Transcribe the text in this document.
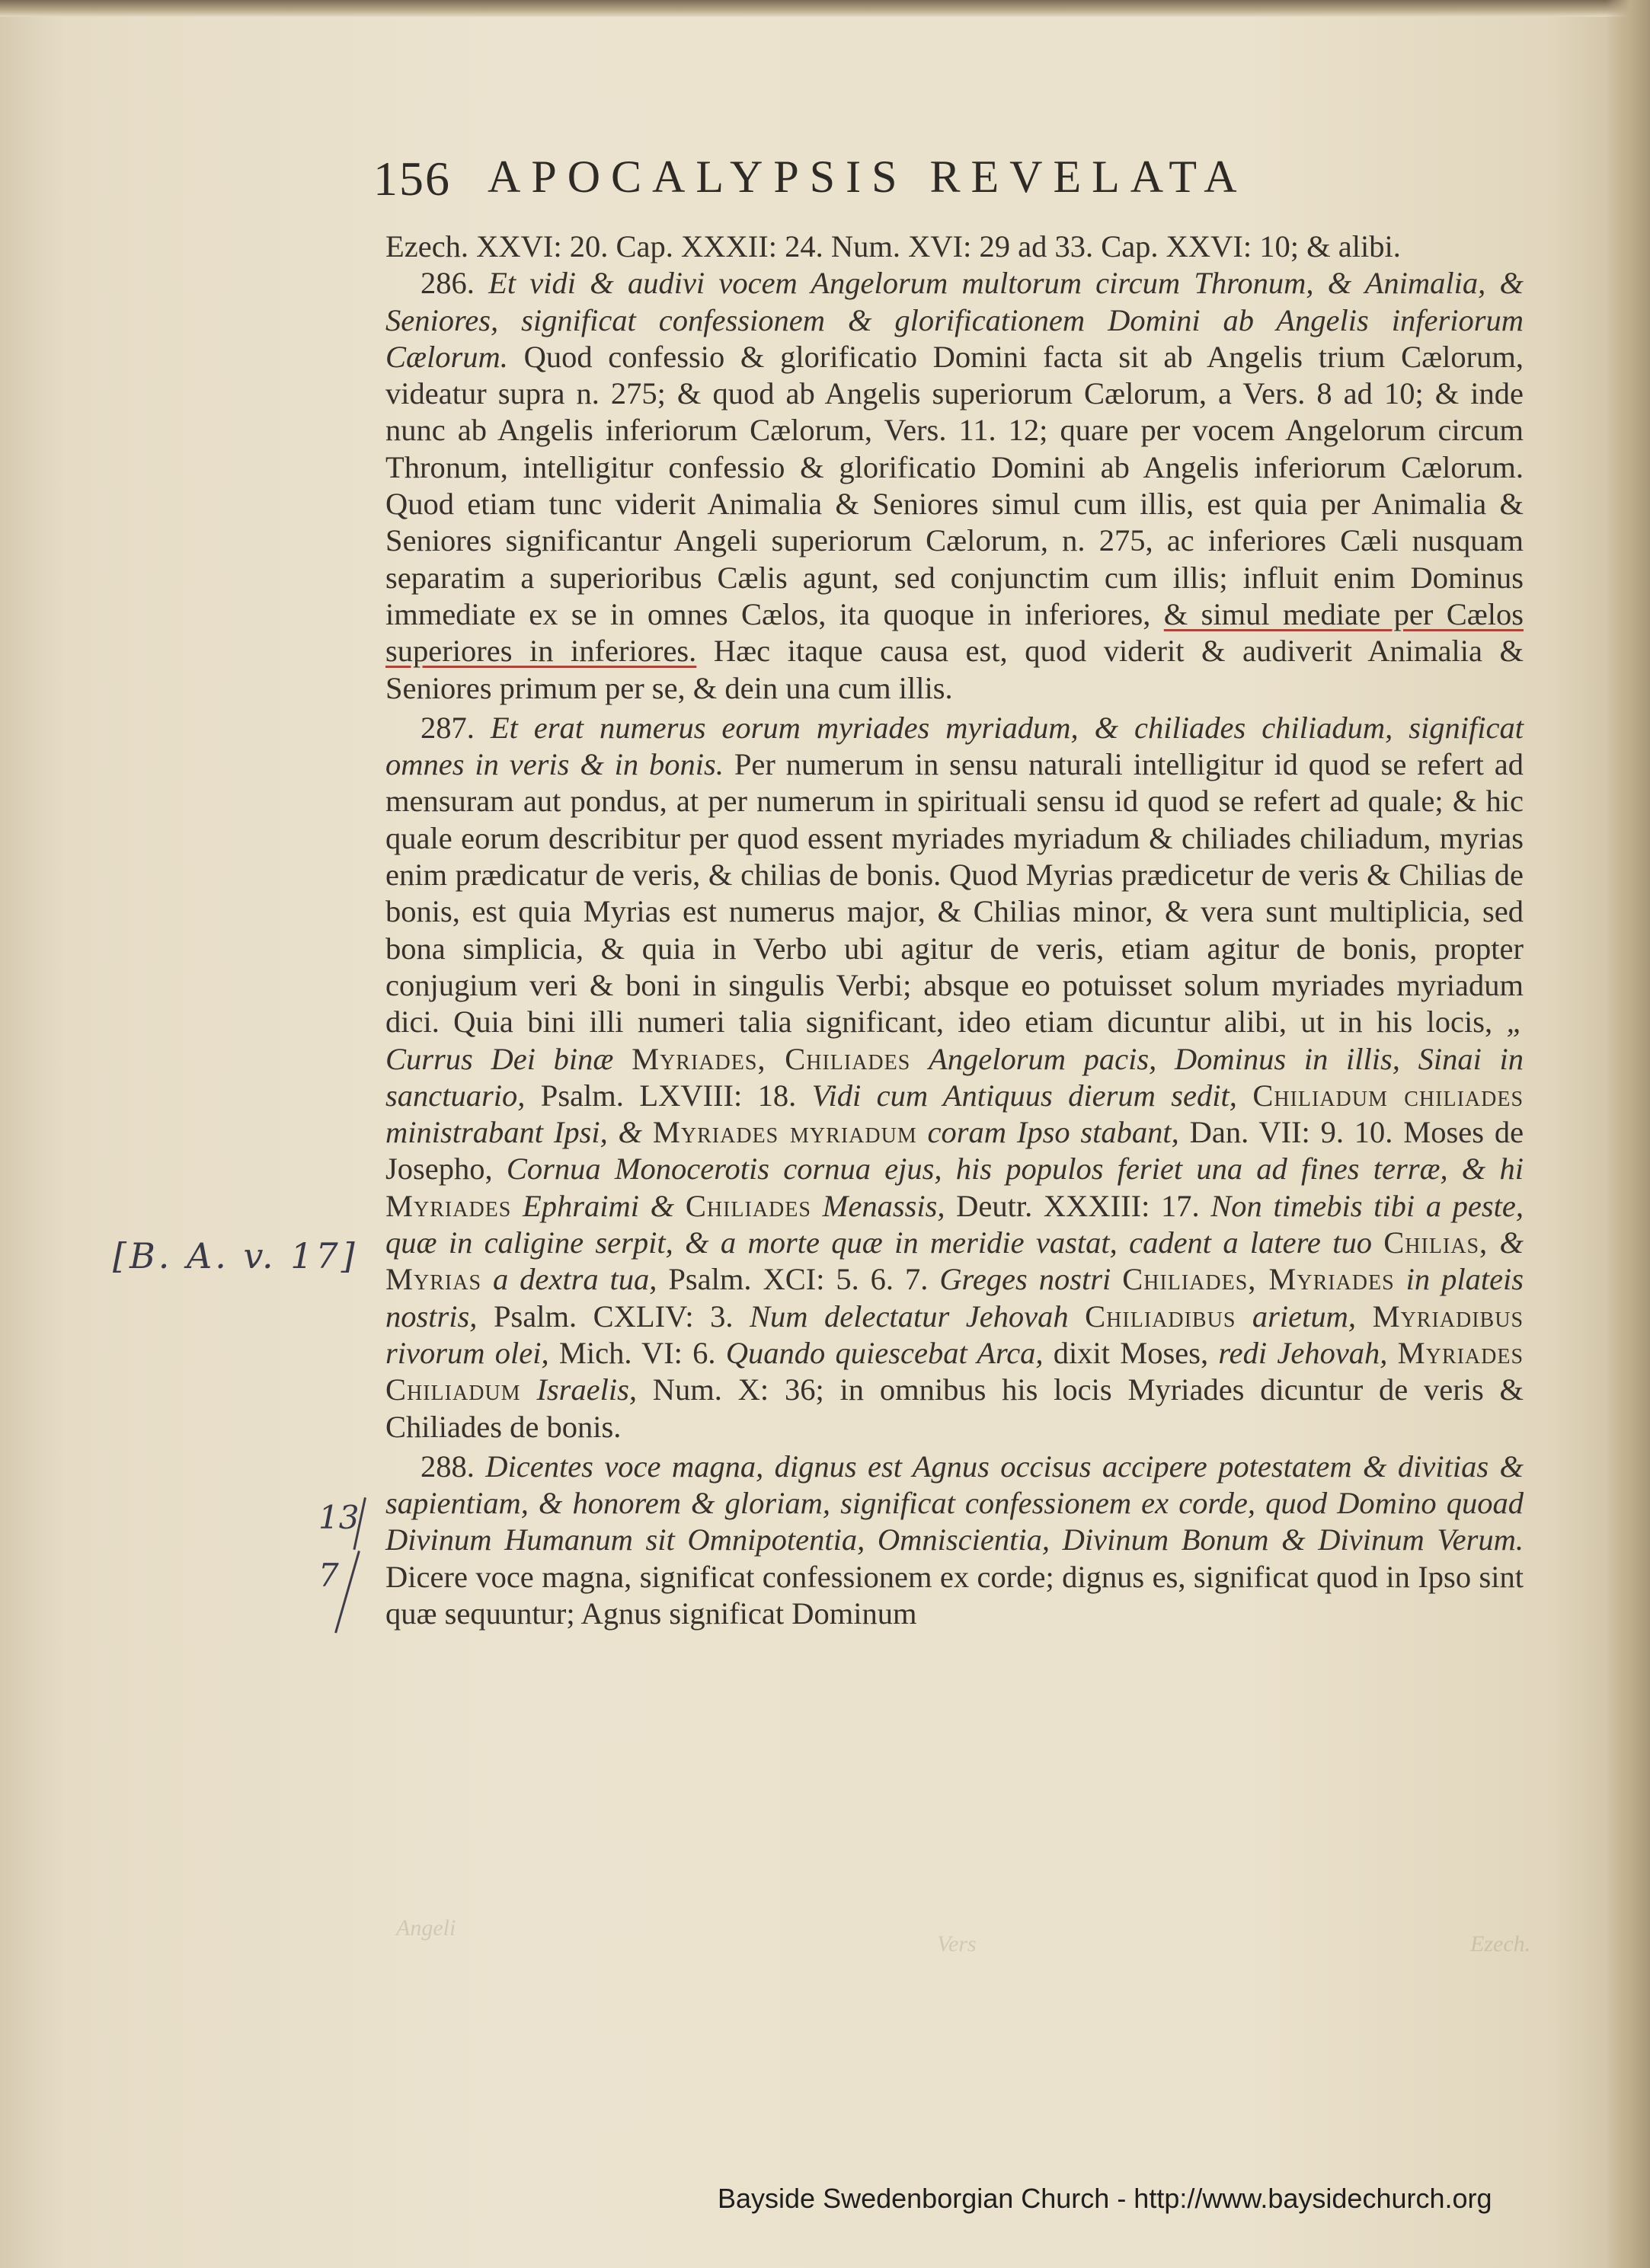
Angeli
Vers	Ezech.
156 APOCALYPSIS REVELATA

Ezech. XXVI: 20. Cap. XXXII: 24. Num. XVI: 29 ad 33. Cap. XXVI: 10; & alibi.

286. Et vidi & audivi vocem Angelorum multorum circum Thronum, & Animalia, & Seniores, significat confessionem & glorificationem Domini ab Angelis inferiorum Cælorum. Quod confessio & glorificatio Domini facta sit ab Angelis trium Cælorum, videatur supra n. 275; & quod ab Angelis superiorum Cælorum, a Vers. 8 ad 10; & inde nunc ab Angelis inferiorum Cælorum, Vers. 11. 12; quare per vocem Angelorum circum Thronum, intelligitur confessio & glorificatio Domini ab Angelis inferiorum Cælorum. Quod etiam tunc viderit Animalia & Seniores simul cum illis, est quia per Animalia & Seniores significantur Angeli superiorum Cælorum, n. 275, ac inferiores Cæli nusquam separatim a superioribus Cælis agunt, sed conjunctim cum illis; influit enim Dominus immediate ex se in omnes Cælos, ita quoque in inferiores, & simul mediate per Cælos superiores in inferiores. Hæc itaque causa est, quod viderit & audiverit Animalia & Seniores primum per se, & dein una cum illis.

287. Et erat numerus eorum myriades myriadum, & chiliades chiliadum, significat omnes in veris & in bonis. Per numerum in sensu naturali intelligitur id quod se refert ad mensuram aut pondus, at per numerum in spirituali sensu id quod se refert ad quale; & hic quale eorum describitur per quod essent myriades myriadum & chiliades chiliadum, myrias enim prædicatur de veris, & chilias de bonis. Quod Myrias prædicetur de veris & Chilias de bonis, est quia Myrias est numerus major, & Chilias minor, & vera sunt multiplicia, sed bona simplicia, & quia in Verbo ubi agitur de veris, etiam agitur de bonis, propter conjugium veri & boni in singulis Verbi; absque eo potuisset solum myriades myriadum dici. Quia bini illi numeri talia significant, ideo etiam dicuntur alibi, ut in his locis, „ Currus Dei binæ Myriades, Chiliades Angelorum pacis, Dominus in illis, Sinai in sanctuario, Psalm. LXVIII: 18. Vidi cum Antiquus dierum sedit, Chiliadum chiliades ministrabant Ipsi, & Myriades myriadum coram Ipso stabant, Dan. VII: 9. 10. Moses de Josepho, Cornua Monocerotis cornua ejus, his populos feriet una ad fines terræ, & hi Myriades Ephraimi & Chiliades Menassis, Deutr. XXXIII: 17. Non timebis tibi a peste, quæ in caligine serpit, & a morte quæ in meridie vastat, cadent a latere tuo Chilias, & Myrias a dextra tua, Psalm. XCI: 5. 6. 7. Greges nostri Chiliades, Myriades in plateis nostris, Psalm. CXLIV: 3. Num delectatur Jehovah Chiliadibus arietum, Myriadibus rivorum olei, Mich. VI: 6. Quando quiescebat Arca, dixit Moses, redi Jehovah, Myriades Chiliadum Israelis, Num. X: 36; in omnibus his locis Myriades dicuntur de veris & Chiliades de bonis.

288. Dicentes voce magna, dignus est Agnus occisus accipere potestatem & divitias & sapientiam, & honorem & gloriam, significat confessionem ex corde, quod Domino quoad Divinum Humanum sit Omnipotentia, Omniscientia, Divinum Bonum & Divinum Verum. Dicere voce magna, significat confessionem ex corde; dignus es, significat quod in Ipso sint quæ sequuntur; Agnus significat Dominum

[B. A. v. 17]
13
7
Bayside Swedenborgian Church - http://www.baysidechurch.org
